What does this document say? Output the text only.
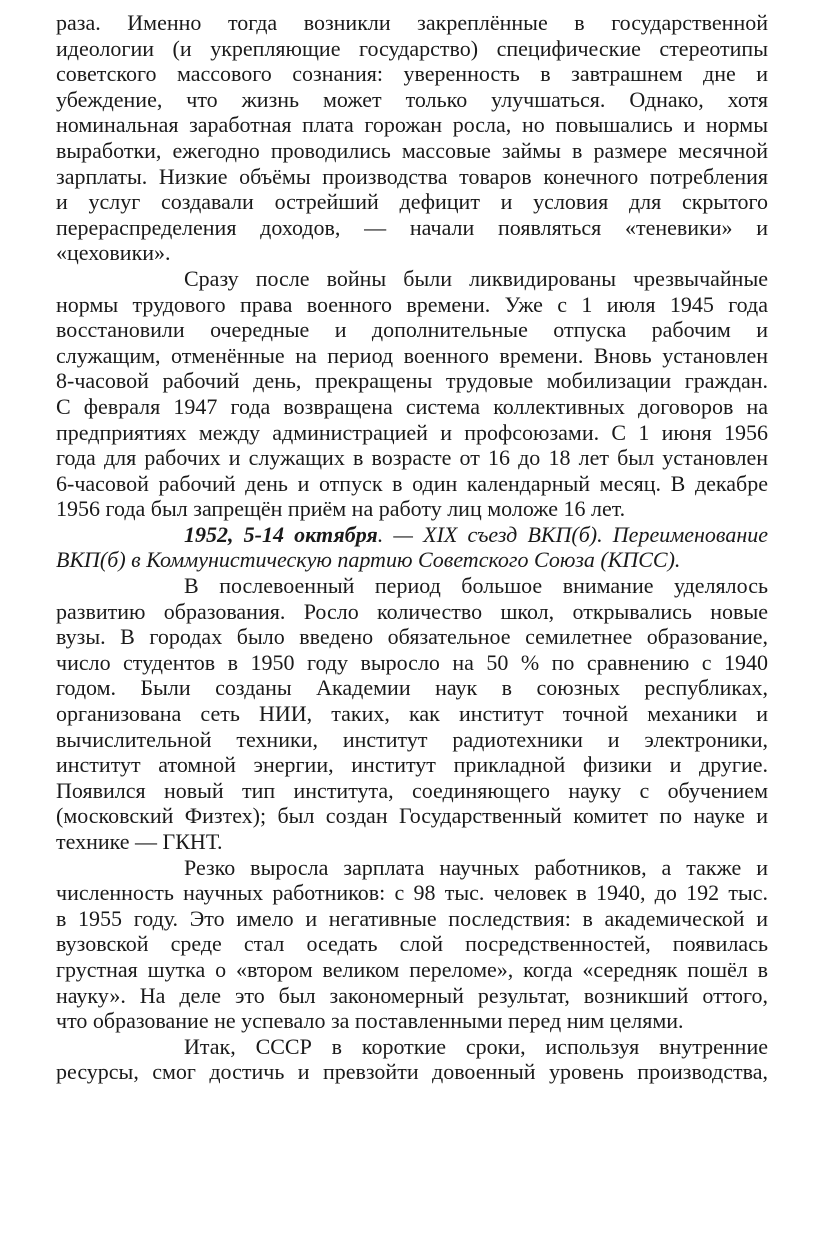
раза. Именно тогда возникли закреплённые в государственной
идеологии (и укрепляющие государство) специфические стереотипы
советского массового сознания: уверенность в завтрашнем дне и
убеждение, что жизнь может только улучшаться. Однако, хотя
номинальная заработная плата горожан росла, но повышались и нормы
выработки, ежегодно проводились массовые займы в размере месячной
зарплаты. Низкие объёмы производства товаров конечного потребления
и услуг создавали острейший дефицит и условия для скрытого
перераспределения доходов, — начали появляться «теневики» и
«цеховики».
Сразу после войны были ликвидированы чрезвычайные
нормы трудового права военного времени. Уже с 1 июля 1945 года
восстановили очередные и дополнительные отпуска рабочим и
служащим, отменённые на период военного времени. Вновь установлен
8-часовой рабочий день, прекращены трудовые мобилизации граждан.
С февраля 1947 года возвращена система коллективных договоров на
предприятиях между администрацией и профсоюзами. С 1 июня 1956
года для рабочих и служащих в возрасте от 16 до 18 лет был установлен
6-часовой рабочий день и отпуск в один календарный месяц. В декабре
1956 года был запрещён приём на работу лиц моложе 16 лет.
1952, 5-14 октября. — XIX съезд ВКП(б). Переименование
ВКП(б) в Коммунистическую партию Советского Союза (КПСС).
В послевоенный период большое внимание уделялось
развитию образования. Росло количество школ, открывались новые
вузы. В городах было введено обязательное семилетнее образование,
число студентов в 1950 году выросло на 50 % по сравнению с 1940
годом. Были созданы Академии наук в союзных республиках,
организована сеть НИИ, таких, как институт точной механики и
вычислительной техники, институт радиотехники и электроники,
институт атомной энергии, институт прикладной физики и другие.
Появился новый тип института, соединяющего науку с обучением
(московский Физтех); был создан Государственный комитет по науке и
технике — ГКНТ.
Резко выросла зарплата научных работников, а также и
численность научных работников: с 98 тыс. человек в 1940, до 192 тыс.
в 1955 году. Это имело и негативные последствия: в академической и
вузовской среде стал оседать слой посредственностей, появилась
грустная шутка о «втором великом переломе», когда «середняк пошёл в
науку». На деле это был закономерный результат, возникший оттого,
что образование не успевало за поставленными перед ним целями.
Итак, СССР в короткие сроки, используя внутренние
ресурсы, смог достичь и превзойти довоенный уровень производства,
